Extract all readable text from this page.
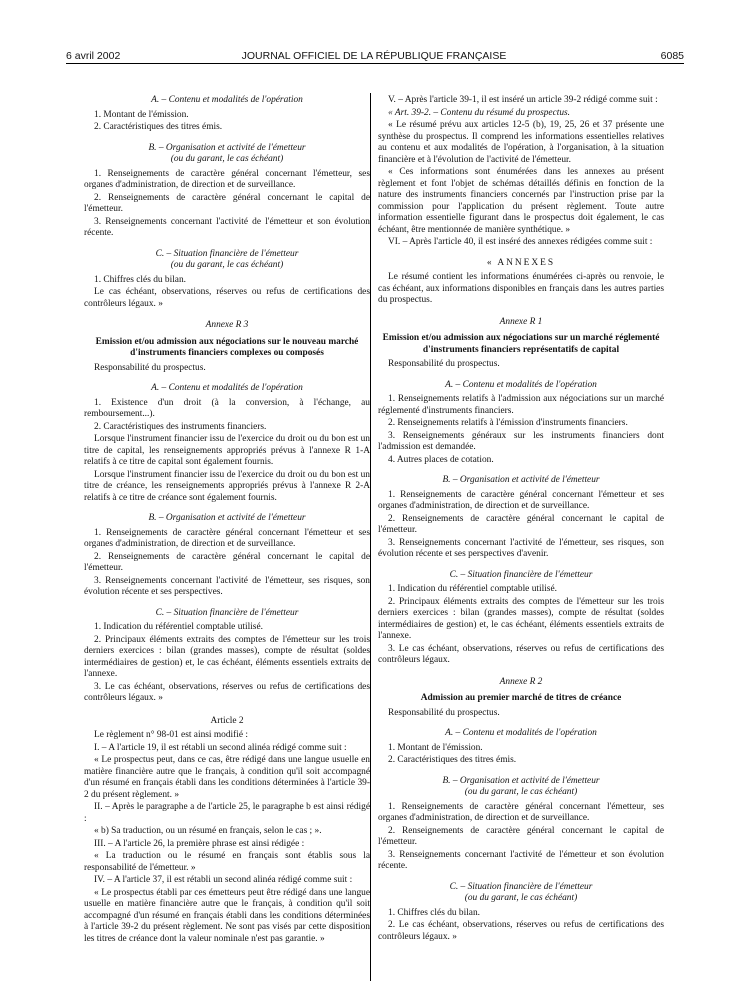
6 avril 2002	JOURNAL OFFICIEL DE LA RÉPUBLIQUE FRANÇAISE	6085

A. – Contenu et modalités de l'opération

1. Montant de l'émission.

2. Caractéristiques des titres émis.

B. – Organisation et activité de l'émetteur

(ou du garant, le cas échéant)

1. Renseignements de caractère général concernant l'émetteur, ses organes d'administration, de direction et de surveillance.

2. Renseignements de caractère général concernant le capital de l'émetteur.

3. Renseignements concernant l'activité de l'émetteur et son évolution récente.

C. – Situation financière de l'émetteur

(ou du garant, le cas échéant)

1. Chiffres clés du bilan.

Le cas échéant, observations, réserves ou refus de certifications des contrôleurs légaux. »

Annexe R 3

Emission et/ou admission aux négociations sur le nouveau marché d'instruments financiers complexes ou composés

Responsabilité du prospectus.

A. – Contenu et modalités de l'opération

1. Existence d'un droit (à la conversion, à l'échange, au remboursement...).

2. Caractéristiques des instruments financiers.

Lorsque l'instrument financier issu de l'exercice du droit ou du bon est un titre de capital, les renseignements appropriés prévus à l'annexe R 1-A relatifs à ce titre de capital sont également fournis.

Lorsque l'instrument financier issu de l'exercice du droit ou du bon est un titre de créance, les renseignements appropriés prévus à l'annexe R 2-A relatifs à ce titre de créance sont également fournis.

B. – Organisation et activité de l'émetteur

1. Renseignements de caractère général concernant l'émetteur et ses organes d'administration, de direction et de surveillance.

2. Renseignements de caractère général concernant le capital de l'émetteur.

3. Renseignements concernant l'activité de l'émetteur, ses risques, son évolution récente et ses perspectives.

C. – Situation financière de l'émetteur

1. Indication du référentiel comptable utilisé.

2. Principaux éléments extraits des comptes de l'émetteur sur les trois derniers exercices : bilan (grandes masses), compte de résultat (soldes intermédiaires de gestion) et, le cas échéant, éléments essentiels extraits de l'annexe.

3. Le cas échéant, observations, réserves ou refus de certifications des contrôleurs légaux. »

Article 2

Le règlement n° 98-01 est ainsi modifié :

I. – A l'article 19, il est rétabli un second alinéa rédigé comme suit :

« Le prospectus peut, dans ce cas, être rédigé dans une langue usuelle en matière financière autre que le français, à condition qu'il soit accompagné d'un résumé en français établi dans les conditions déterminées à l'article 39-2 du présent règlement. »

II. – Après le paragraphe a de l'article 25, le paragraphe b est ainsi rédigé :

« b) Sa traduction, ou un résumé en français, selon le cas ; ».

III. – A l'article 26, la première phrase est ainsi rédigée :

« La traduction ou le résumé en français sont établis sous la responsabilité de l'émetteur. »

IV. – A l'article 37, il est rétabli un second alinéa rédigé comme suit :

« Le prospectus établi par ces émetteurs peut être rédigé dans une langue usuelle en matière financière autre que le français, à condition qu'il soit accompagné d'un résumé en français établi dans les conditions déterminées à l'article 39-2 du présent règlement. Ne sont pas visés par cette disposition les titres de créance dont la valeur nominale n'est pas garantie. »

V. – Après l'article 39-1, il est inséré un article 39-2 rédigé comme suit :

« Art. 39-2. – Contenu du résumé du prospectus.

« Le résumé prévu aux articles 12-5 (b), 19, 25, 26 et 37 présente une synthèse du prospectus. Il comprend les informations essentielles relatives au contenu et aux modalités de l'opération, à l'organisation, à la situation financière et à l'évolution de l'activité de l'émetteur.

« Ces informations sont énumérées dans les annexes au présent règlement et font l'objet de schémas détaillés définis en fonction de la nature des instruments financiers concernés par l'instruction prise par la commission pour l'application du présent règlement. Toute autre information essentielle figurant dans le prospectus doit également, le cas échéant, être mentionnée de manière synthétique. »

VI. – Après l'article 40, il est inséré des annexes rédigées comme suit :

« ANNEXES

Le résumé contient les informations énumérées ci-après ou renvoie, le cas échéant, aux informations disponibles en français dans les autres parties du prospectus.

Annexe R 1

Emission et/ou admission aux négociations sur un marché réglementé d'instruments financiers représentatifs de capital

Responsabilité du prospectus.

A. – Contenu et modalités de l'opération

1. Renseignements relatifs à l'admission aux négociations sur un marché réglementé d'instruments financiers.

2. Renseignements relatifs à l'émission d'instruments financiers.

3. Renseignements généraux sur les instruments financiers dont l'admission est demandée.

4. Autres places de cotation.

B. – Organisation et activité de l'émetteur

1. Renseignements de caractère général concernant l'émetteur et ses organes d'administration, de direction et de surveillance.

2. Renseignements de caractère général concernant le capital de l'émetteur.

3. Renseignements concernant l'activité de l'émetteur, ses risques, son évolution récente et ses perspectives d'avenir.

C. – Situation financière de l'émetteur

1. Indication du référentiel comptable utilisé.

2. Principaux éléments extraits des comptes de l'émetteur sur les trois derniers exercices : bilan (grandes masses), compte de résultat (soldes intermédiaires de gestion) et, le cas échéant, éléments essentiels extraits de l'annexe.

3. Le cas échéant, observations, réserves ou refus de certifications des contrôleurs légaux.

Annexe R 2

Admission au premier marché de titres de créance

Responsabilité du prospectus.

A. – Contenu et modalités de l'opération

1. Montant de l'émission.

2. Caractéristiques des titres émis.

B. – Organisation et activité de l'émetteur

(ou du garant, le cas échéant)

1. Renseignements de caractère général concernant l'émetteur, ses organes d'administration, de direction et de surveillance.

2. Renseignements de caractère général concernant le capital de l'émetteur.

3. Renseignements concernant l'activité de l'émetteur et son évolution récente.

C. – Situation financière de l'émetteur

(ou du garant, le cas échéant)

1. Chiffres clés du bilan.

2. Le cas échéant, observations, réserves ou refus de certifications des contrôleurs légaux. »
